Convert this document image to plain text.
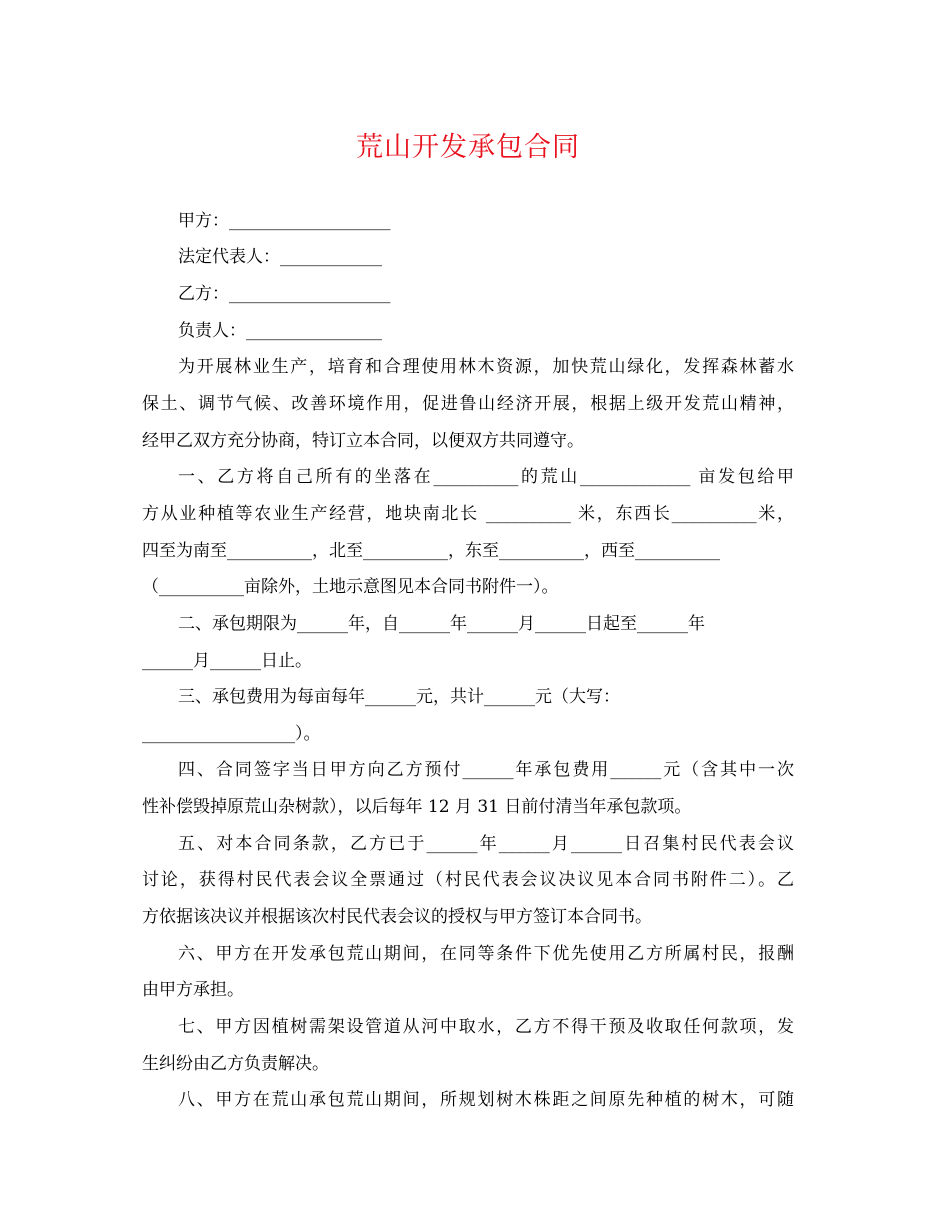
荒山开发承包合同
甲方：___________________
法定代表人：____________
乙方：___________________
负责人：________________
为开展林业生产，培育和合理使用林木资源，加快荒山绿化，发挥森林蓄水
保土、调节气候、改善环境作用，促进鲁山经济开展，根据上级开发荒山精神，
经甲乙双方充分协商，特订立本合同，以便双方共同遵守。
一、乙方将自己所有的坐落在__________的荒山_____________ 亩发包给甲
方从业种植等农业生产经营，地块南北长 __________ 米，东西长__________米，
四至为南至__________，北至__________，东至__________，西至__________
（__________亩除外，土地示意图见本合同书附件一）。
二、承包期限为______年，自______年______月______日起至______年
______月______日止。
三、承包费用为每亩每年______元，共计______元（大写：
__________________）。
四、合同签字当日甲方向乙方预付______年承包费用______元（含其中一次
性补偿毁掉原荒山杂树款），以后每年 12 月 31 日前付清当年承包款项。
五、对本合同条款，乙方已于______年______月______日召集村民代表会议
讨论，获得村民代表会议全票通过（村民代表会议决议见本合同书附件二）。乙
方依据该决议并根据该次村民代表会议的授权与甲方签订本合同书。
六、甲方在开发承包荒山期间，在同等条件下优先使用乙方所属村民，报酬
由甲方承担。
七、甲方因植树需架设管道从河中取水，乙方不得干预及收取任何款项，发
生纠纷由乙方负责解决。
八、甲方在荒山承包荒山期间，所规划树木株距之间原先种植的树木，可随
